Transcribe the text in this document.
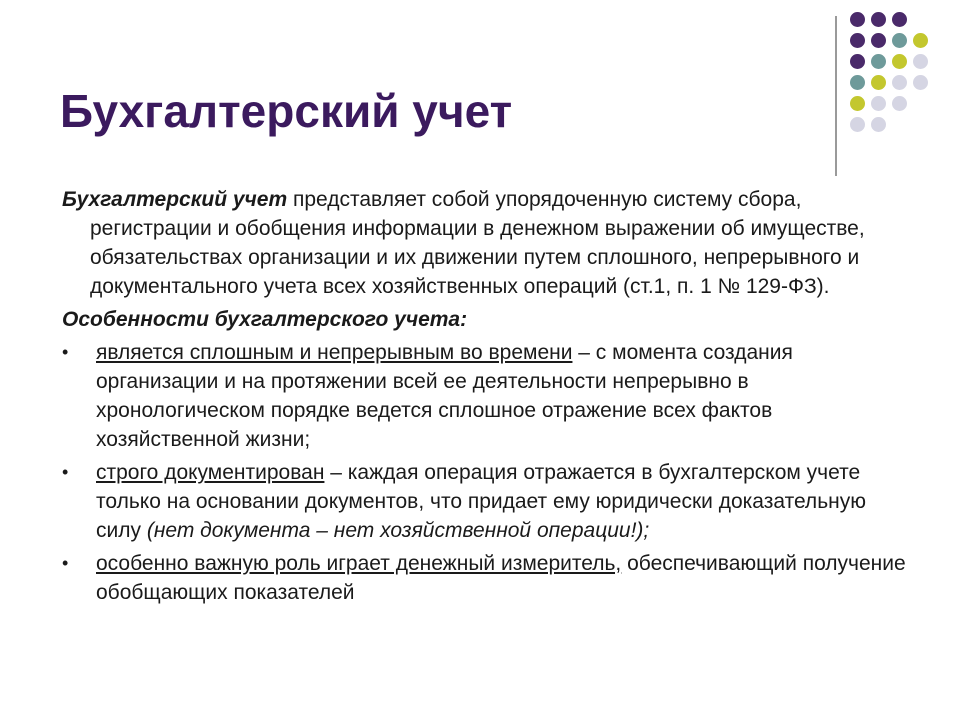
Бухгалтерский учет

Бухгалтерский учет представляет собой упорядоченную систему сбора, регистрации и обобщения информации в денежном выражении об имуществе, обязательствах организации и их движении путем сплошного, непрерывного и документального учета всех хозяйственных операций (ст.1, п. 1 № 129-ФЗ).

Особенности бухгалтерского учета:
• является сплошным и непрерывным во времени – с момента создания организации и на протяжении всей ее деятельности непрерывно в хронологическом порядке ведется сплошное отражение всех фактов хозяйственной жизни;
• строго документирован – каждая операция отражается в бухгалтерском учете только на основании документов, что придает ему юридически доказательную силу (нет документа – нет хозяйственной операции!);
• особенно важную роль играет денежный измеритель, обеспечивающий получение обобщающих показателей
